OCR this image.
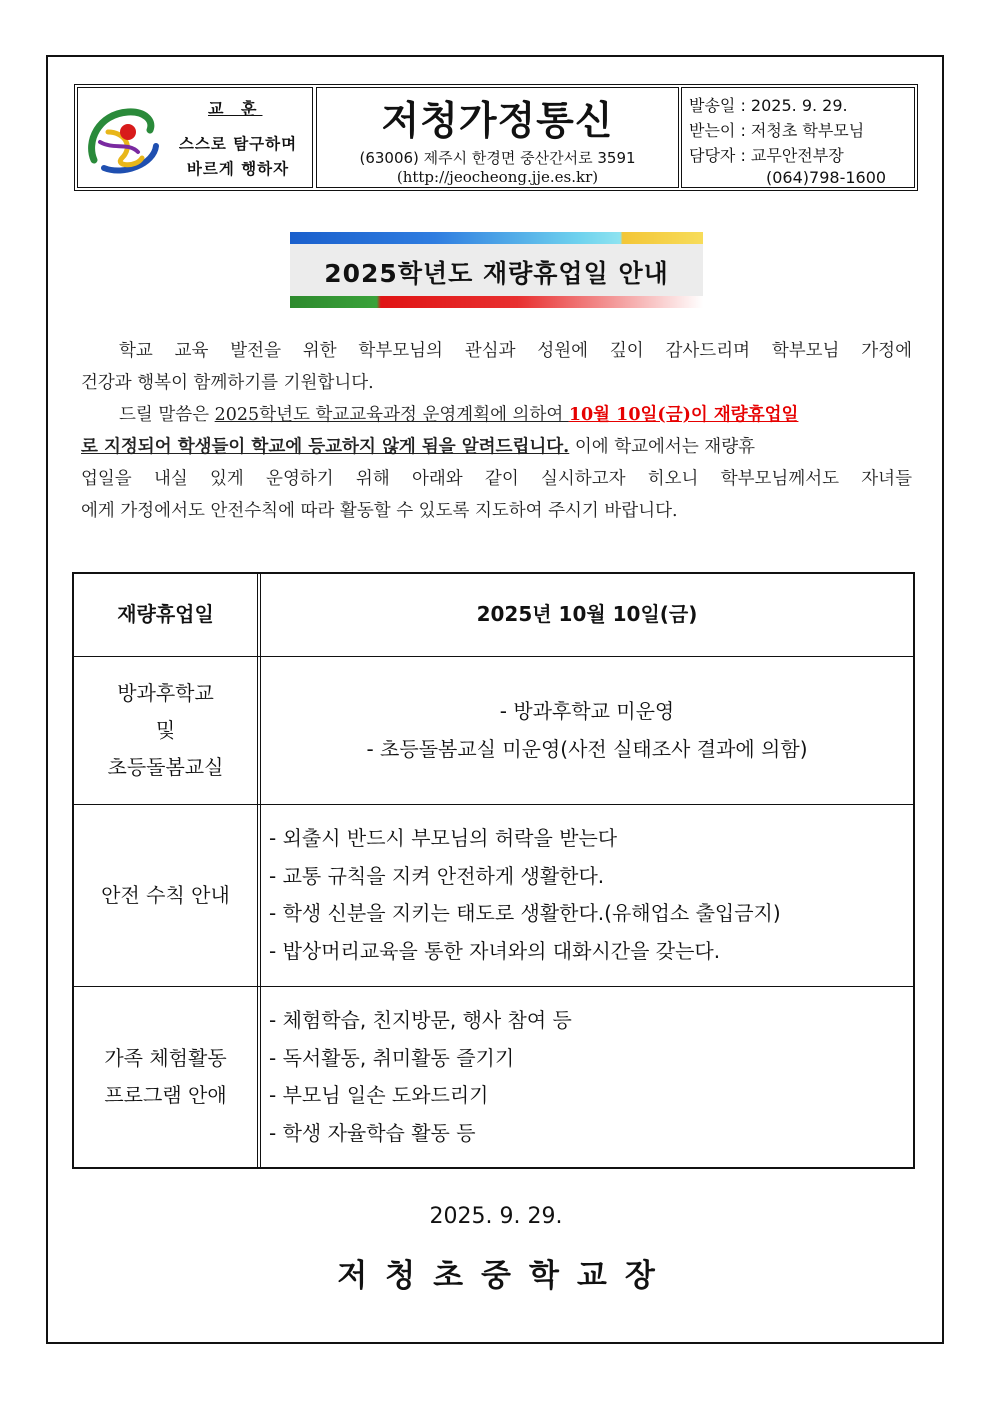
교 훈
스스로 탐구하며
바르게 행하자
저청가정통신
(63006) 제주시 한경면 중산간서로 3591
(http://jeocheong.jje.es.kr)
발송일 : 2025. 9. 29.
받는이 : 저청초 학부모님
담당자 : 교무안전부장
(064)798-1600
2025학년도 재량휴업일 안내
학교 교육 발전을 위한 학부모님의 관심과 성원에 깊이 감사드리며 학부모님 가정에
건강과 행복이 함께하기를 기원합니다.
드릴 말씀은 2025학년도 학교교육과정 운영계획에 의하여 10월 10일(금)이 재량휴업일
로 지정되어 학생들이 학교에 등교하지 않게 됨을 알려드립니다. 이에 학교에서는 재량휴
업일을 내실 있게 운영하기 위해 아래와 같이 실시하고자 히오니 학부모님께서도 자녀들
에게 가정에서도 안전수칙에 따라 활동할 수 있도록 지도하여 주시기 바랍니다.
재량휴업일	2025년 10월 10일(금)
방과후학교
및
초등돌봄교실
- 방과후학교 미운영
- 초등돌봄교실 미운영(사전 실태조사 결과에 의함)
안전 수칙 안내
- 외출시 반드시 부모님의 허락을 받는다
- 교통 규칙을 지켜 안전하게 생활한다.
- 학생 신분을 지키는 태도로 생활한다.(유해업소 출입금지)
- 밥상머리교육을 통한 자녀와의 대화시간을 갖는다.
가족 체험활동
프로그램 안애
- 체험학습, 친지방문, 행사 참여 등
- 독서활동, 취미활동 즐기기
- 부모님 일손 도와드리기
- 학생 자율학습 활동 등
2025. 9. 29.
저청초중학교장
